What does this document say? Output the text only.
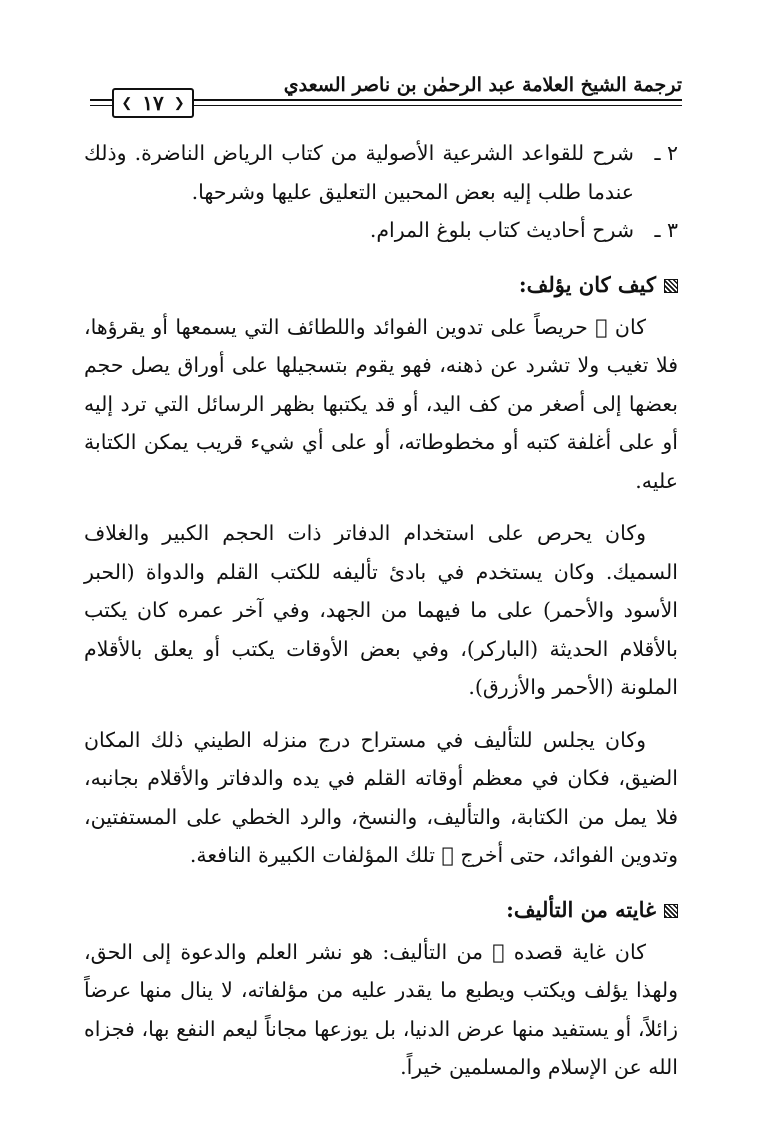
ترجمة الشيخ العلامة عبد الرحمٰن بن ناصر السعدي
❮ ١٧ ❯
٢ ـ
شرح للقواعد الشرعية الأصولية من كتاب الرياض الناضرة. وذلك عندما طلب إليه بعض المحبين التعليق عليها وشرحها.
٣ ـ
شرح أحاديث كتاب بلوغ المرام.
كيف كان يؤلف:

كان ﷫ حريصاً على تدوين الفوائد واللطائف التي يسمعها أو يقرؤها، فلا تغيب ولا تشرد عن ذهنه، فهو يقوم بتسجيلها على أوراق يصل حجم بعضها إلى أصغر من كف اليد، أو قد يكتبها بظهر الرسائل التي ترد إليه أو على أغلفة كتبه أو مخطوطاته، أو على أي شيء قريب يمكن الكتابة عليه.

وكان يحرص على استخدام الدفاتر ذات الحجم الكبير والغلاف السميك. وكان يستخدم في بادئ تأليفه للكتب القلم والدواة (الحبر الأسود والأحمر) على ما فيهما من الجهد، وفي آخر عمره كان يكتب بالأقلام الحديثة (الباركر)، وفي بعض الأوقات يكتب أو يعلق بالأقلام الملونة (الأحمر والأزرق).

وكان يجلس للتأليف في مستراح درج منزله الطيني ذلك المكان الضيق، فكان في معظم أوقاته القلم في يده والدفاتر والأقلام بجانبه، فلا يمل من الكتابة، والتأليف، والنسخ، والرد الخطي على المستفتين، وتدوين الفوائد، حتى أخرج ﷫ تلك المؤلفات الكبيرة النافعة.

غايته من التأليف:

كان غاية قصده ﷫ من التأليف: هو نشر العلم والدعوة إلى الحق، ولهذا يؤلف ويكتب ويطبع ما يقدر عليه من مؤلفاته، لا ينال منها عرضاً زائلاً، أو يستفيد منها عرض الدنيا، بل يوزعها مجاناً ليعم النفع بها، فجزاه الله عن الإسلام والمسلمين خيراً.
